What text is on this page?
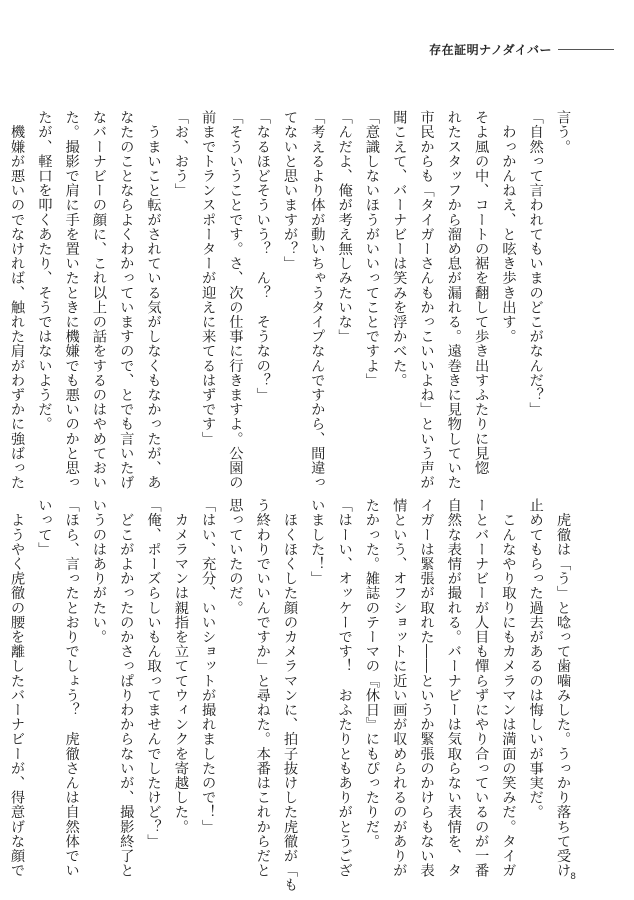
存在証明ナノダイバー
言う。
「自然って言われてもいまのどこがなんだ？」
　わっかんねえ、と呟き歩き出す。
そよ風の中、コートの裾を翻して歩き出すふたりに見惚
れたスタッフから溜め息が漏れる。遠巻きに見物していた
市民からも「タイガーさんもかっこいいよね」という声が
聞こえて、バーナビーは笑みを浮かべた。
「意識しないほうがいいってことですよ」
「んだよ、俺が考え無しみたいな」
「考えるより体が動いちゃうタイプなんですから、間違っ
てないと思いますが？」
「なるほどそういう？　ん？　そうなの？」
「そういうことです。さ、次の仕事に行きますよ。公園の
前までトランスポーターが迎えに来てるはずです」
「お、おう」
　うまいこと転がされている気がしなくもなかったが、あ
なたのことならよくわかっていますので、とでも言いたげ
なバーナビーの顔に、これ以上の話をするのはやめておい
た。撮影で肩に手を置いたときに機嫌でも悪いのかと思っ
たが、軽口を叩くあたり、そうではないようだ。
　機嫌が悪いのでなければ、触れた肩がわずかに強ばった
　虎徹は「う」と唸って歯噛みした。うっかり落ちて受け
止めてもらった過去があるのは悔しいが事実だ。
　こんなやり取りにもカメラマンは満面の笑みだ。タイガ
ーとバーナビーが人目も憚らずにやり合っているのが一番
自然な表情が撮れる。バーナビーは気取らない表情を、タ
イガーは緊張が取れた――というか緊張のかけらもない表
情という、オフショットに近い画が収められるのがありが
たかった。雑誌のテーマの『休日』にもぴったりだ。
「はーい、オッケーです！　おふたりともありがとうござ
いました！」
　ほくほくした顔のカメラマンに、拍子抜けした虎徹が「も
う終わりでいいんですか」と尋ねた。本番はこれからだと
思っていたのだ。
「はい、充分、いいショットが撮れましたので！」
　カメラマンは親指を立ててウィンクを寄越した。
「俺、ポーズらしいもん取ってませんでしたけど？」
　どこがよかったのかさっぱりわからないが、撮影終了と
いうのはありがたい。
「ほら、言ったとおりでしょう？　虎徹さんは自然体でい
いって」
　ようやく虎徹の腰を離したバーナビーが、得意げな顔で	8
